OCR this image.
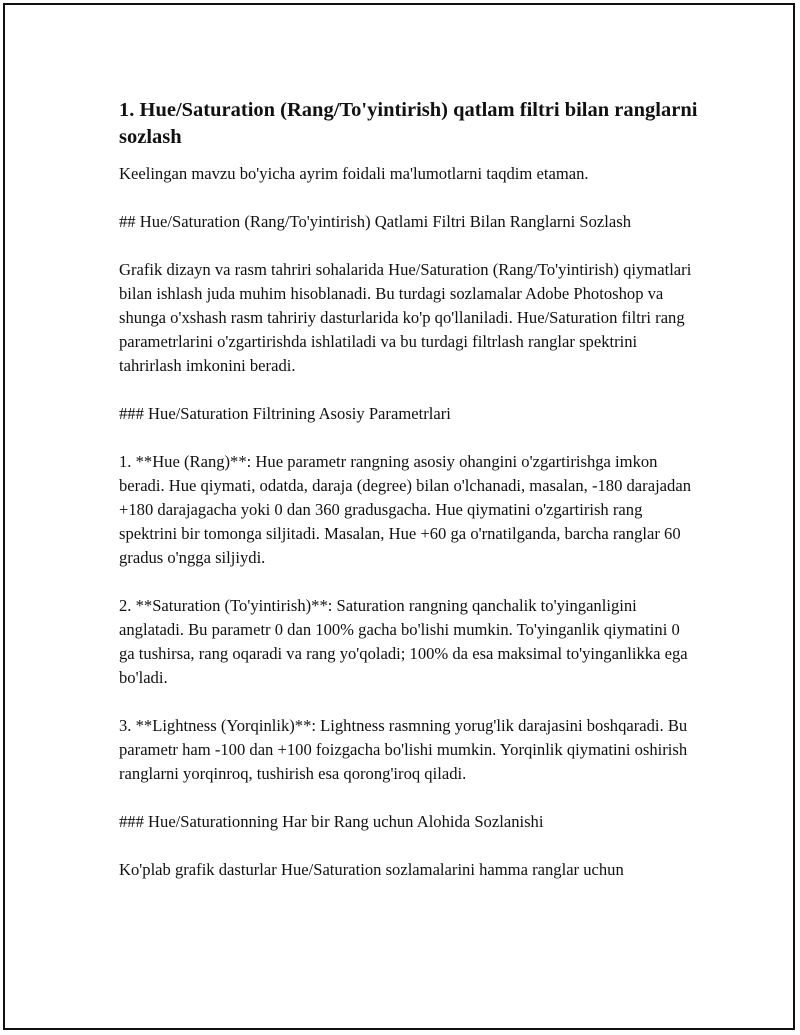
1. Hue/Saturation (Rang/To'yintirish) qatlam filtri bilan ranglarni sozlash

Keelingan mavzu bo'yicha ayrim foidali ma'lumotlarni taqdim etaman.

## Hue/Saturation (Rang/To'yintirish) Qatlami Filtri Bilan Ranglarni Sozlash

Grafik dizayn va rasm tahriri sohalarida Hue/Saturation (Rang/To'yintirish) qiymatlari bilan ishlash juda muhim hisoblanadi. Bu turdagi sozlamalar Adobe Photoshop va shunga o'xshash rasm tahririy dasturlarida ko'p qo'llaniladi. Hue/Saturation filtri rang parametrlarini o'zgartirishda ishlatiladi va bu turdagi filtrlash ranglar spektrini tahrirlash imkonini beradi.

### Hue/Saturation Filtrining Asosiy Parametrlari

1. **Hue (Rang)**: Hue parametr rangning asosiy ohangini o'zgartirishga imkon beradi. Hue qiymati, odatda, daraja (degree) bilan o'lchanadi, masalan, -180 darajadan +180 darajagacha yoki 0 dan 360 gradusgacha. Hue qiymatini o'zgartirish rang spektrini bir tomonga siljitadi. Masalan, Hue +60 ga o'rnatilganda, barcha ranglar 60 gradus o'ngga siljiydi.

2. **Saturation (To'yintirish)**: Saturation rangning qanchalik to'yinganligini anglatadi. Bu parametr 0 dan 100% gacha bo'lishi mumkin. To'yinganlik qiymatini 0 ga tushirsa, rang oqaradi va rang yo'qoladi; 100% da esa maksimal to'yinganlikka ega bo'ladi.

3. **Lightness (Yorqinlik)**: Lightness rasmning yorug'lik darajasini boshqaradi. Bu parametr ham -100 dan +100 foizgacha bo'lishi mumkin. Yorqinlik qiymatini oshirish ranglarni yorqinroq, tushirish esa qorong'iroq qiladi.

### Hue/Saturationning Har bir Rang uchun Alohida Sozlanishi

Ko'plab grafik dasturlar Hue/Saturation sozlamalarini hamma ranglar uchun
